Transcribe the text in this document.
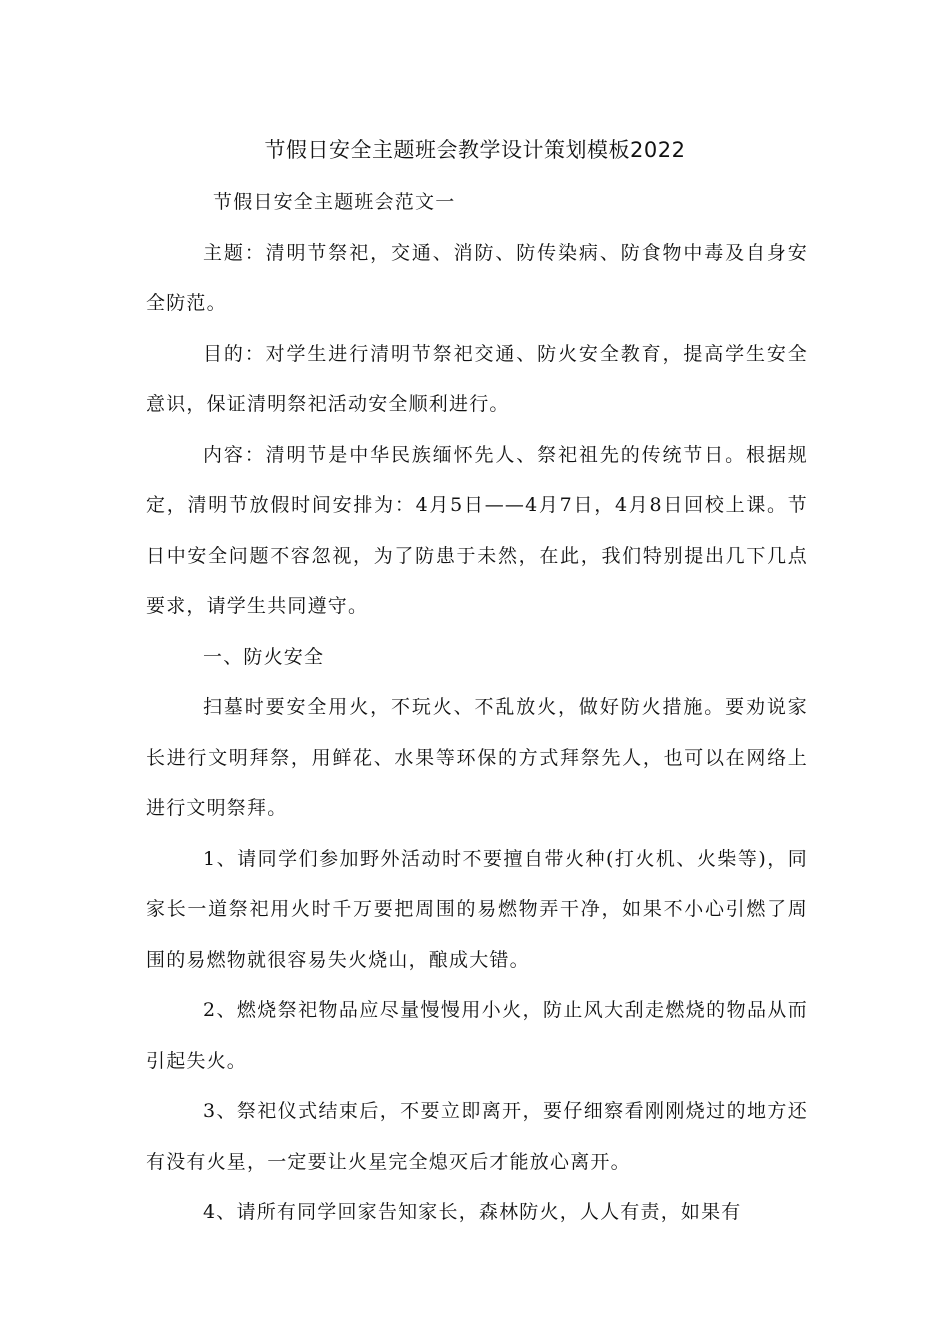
节假日安全主题班会教学设计策划模板2022

节假日安全主题班会范文一

主题：清明节祭祀，交通、消防、防传染病、防食物中毒及自身安全防范。

目的：对学生进行清明节祭祀交通、防火安全教育，提高学生安全意识，保证清明祭祀活动安全顺利进行。

内容：清明节是中华民族缅怀先人、祭祀祖先的传统节日。根据规定，清明节放假时间安排为：4月5日——4月7日，4月8日回校上课。节日中安全问题不容忽视，为了防患于未然，在此，我们特别提出几下几点要求，请学生共同遵守。

一、防火安全

扫墓时要安全用火，不玩火、不乱放火，做好防火措施。要劝说家长进行文明拜祭，用鲜花、水果等环保的方式拜祭先人，也可以在网络上进行文明祭拜。

1、请同学们参加野外活动时不要擅自带火种(打火机、火柴等)，同家长一道祭祀用火时千万要把周围的易燃物弄干净，如果不小心引燃了周围的易燃物就很容易失火烧山，酿成大错。

2、燃烧祭祀物品应尽量慢慢用小火，防止风大刮走燃烧的物品从而引起失火。

3、祭祀仪式结束后，不要立即离开，要仔细察看刚刚烧过的地方还有没有火星，一定要让火星完全熄灭后才能放心离开。

4、请所有同学回家告知家长，森林防火，人人有责，如果有
